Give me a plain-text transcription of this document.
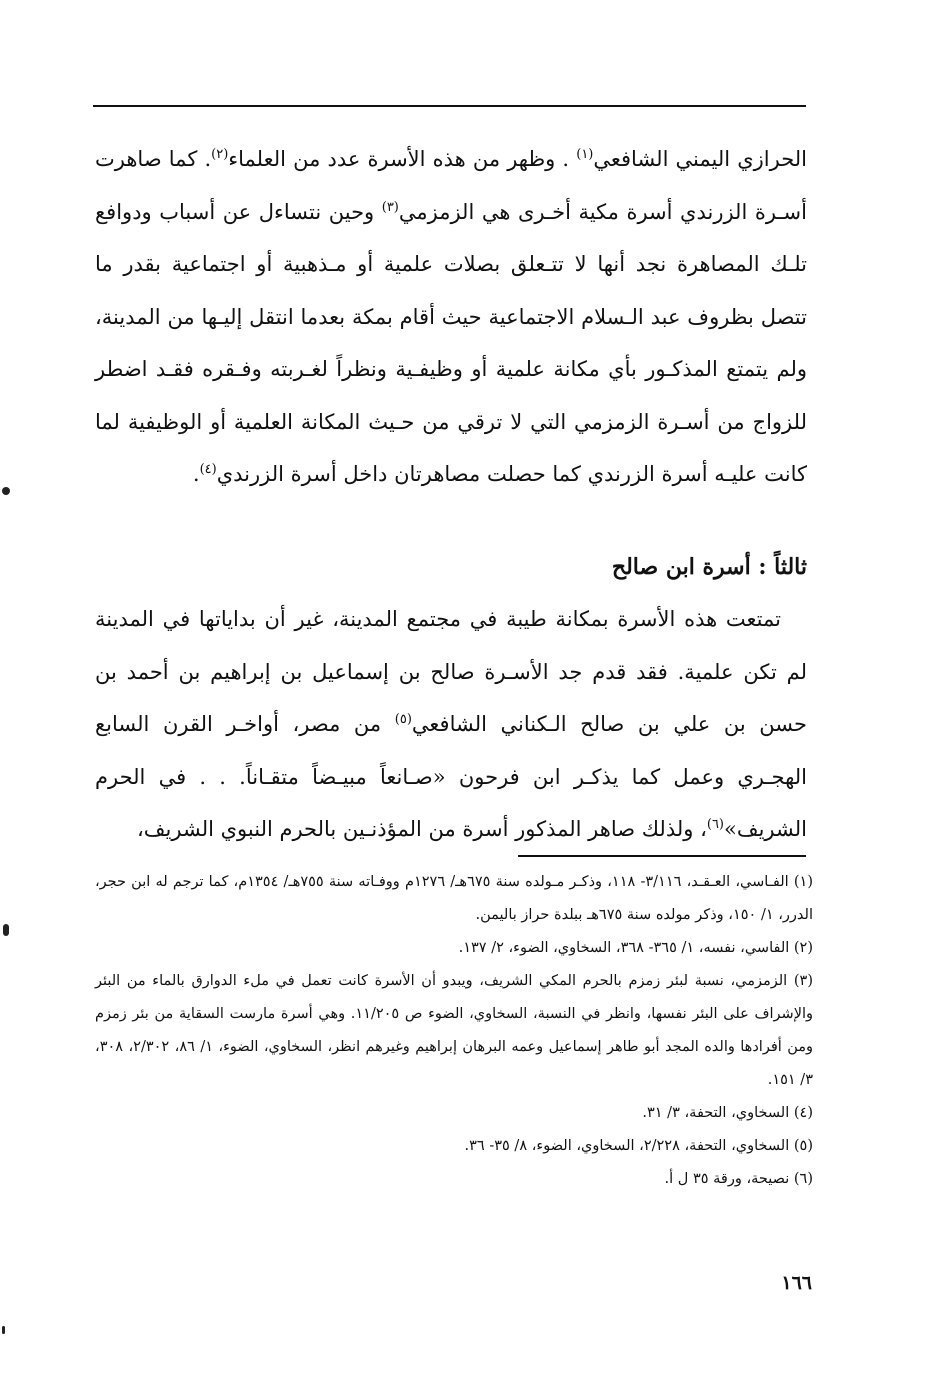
الحرازي اليمني الشافعي$^{(١)}$ . وظهر من هذه الأسرة عدد من العلماء$^{(٢)}$. كما صاهرت أسـرة الزرندي أسرة مكية أخـرى هي الزمزمي$^{(٣)}$ وحين نتساءل عن أسباب ودوافع تلـك المصاهرة نجد أنها لا تتـعلق بصلات علمية أو مـذهبية أو اجتماعية بقدر ما تتصل بظروف عبد الـسلام الاجتماعية حيث أقام بمكة بعدما انتقل إليـها من المدينة، ولم يتمتع المذكـور بأي مكانة علمية أو وظيفـية ونظراً لغـربته وفـقره فقـد اضطر للزواج من أسـرة الزمزمي التي لا ترقي من حـيث المكانة العلمية أو الوظيفية لما كانت عليـه أسرة الزرندي كما حصلت مصاهرتان داخل أسرة الزرندي$^{(٤)}$.

ثالثاً : أسرة ابن صالح

تمتعت هذه الأسرة بمكانة طيبة في مجتمع المدينة، غير أن بداياتها في المدينة لم تكن علمية. فقد قدم جد الأسـرة صالح بن إسماعيل بن إبراهيم بن أحمد بن حسن بن علي بن صالح الـكناني الشافعي$^{(٥)}$ من مصر، أواخـر القرن السابع الهجـري وعمل كما يذكـر ابن فرحون «صـانعاً مبيـضاً متقـاناً. . . في الحرم الشريف»$^{(٦)}$، ولذلك صاهر المذكور أسرة من المؤذنـين بالحرم النبوي الشريف،

(١) الفـاسي، العـقـد، ٣/١١٦- ١١٨، وذكـر مـولده سنة ٦٧٥هـ/ ١٢٧٦م ووفـاته سنة ٧٥٥هـ/ ١٣٥٤م، كما ترجم له ابن حجر، الدرر، ١/ ١٥٠، وذكر مولده سنة ٦٧٥هـ ببلدة حراز باليمن.

(٢) الفاسي، نفسه، ١/ ٣٦٥- ٣٦٨، السخاوي، الضوء، ٢/ ١٣٧.

(٣) الزمزمي، نسبة لبئر زمزم بالحرم المكي الشريف، ويبدو أن الأسرة كانت تعمل في ملء الدوارق بالماء من البئر والإشراف على البئر نفسها، وانظر في النسبة، السخاوي، الضوء ص ١١/٢٠٥. وهي أسرة مارست السقاية من بئر زمزم ومن أفرادها والده المجد أبو طاهر إسماعيل وعمه البرهان إبراهيم وغيرهم انظر، السخاوي، الضوء، ١/ ٨٦، ٢/٣٠٢، ٣٠٨، ٣/ ١٥١.

(٤) السخاوي، التحفة، ٣/ ٣١.

(٥) السخاوي، التحفة، ٢/٢٢٨، السخاوي، الضوء، ٨/ ٣٥- ٣٦.

(٦) نصيحة، ورقة ٣٥ ل أ.

١٦٦
